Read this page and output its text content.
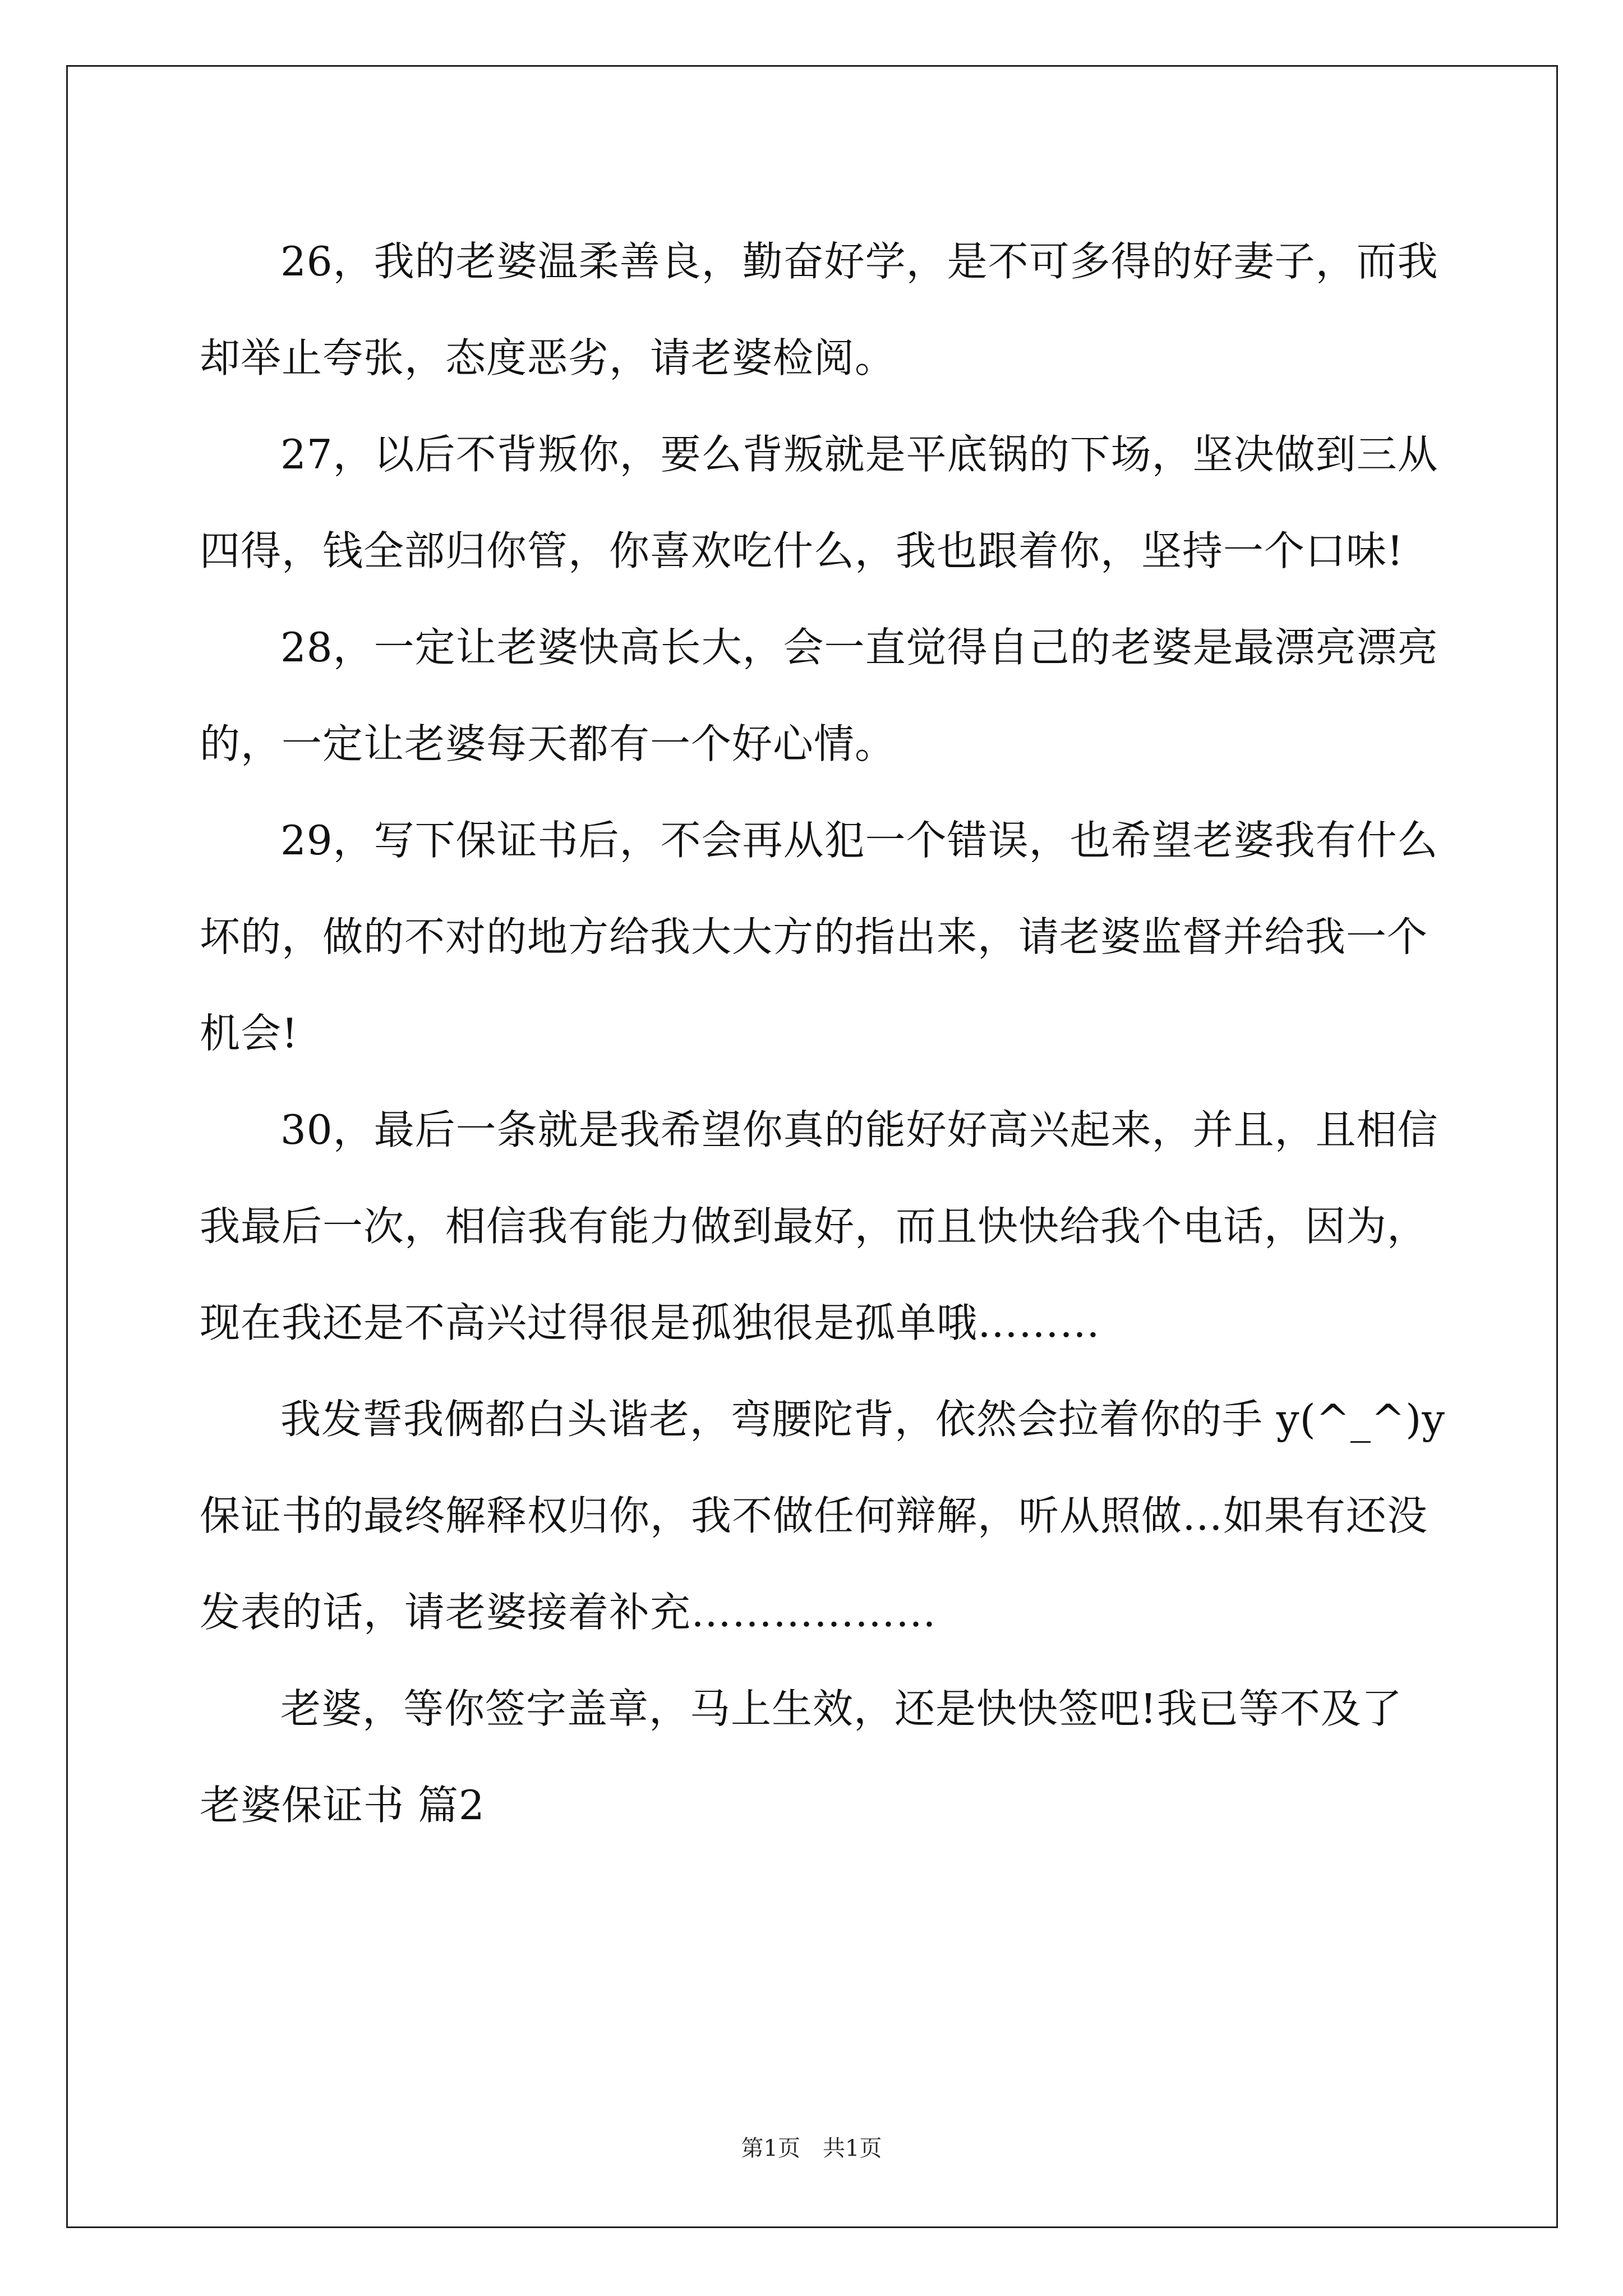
26，我的老婆温柔善良，勤奋好学，是不可多得的好妻子，而我
却举止夸张，态度恶劣，请老婆检阅。
27，以后不背叛你，要么背叛就是平底锅的下场，坚决做到三从
四得，钱全部归你管，你喜欢吃什么，我也跟着你，坚持一个口味!
28，一定让老婆快高长大，会一直觉得自己的老婆是最漂亮漂亮
的，一定让老婆每天都有一个好心情。
29，写下保证书后，不会再从犯一个错误，也希望老婆我有什么
坏的，做的不对的地方给我大大方的指出来，请老婆监督并给我一个
机会!
30，最后一条就是我希望你真的能好好高兴起来，并且，且相信
我最后一次，相信我有能力做到最好，而且快快给我个电话，因为，
现在我还是不高兴过得很是孤独很是孤单哦………
我发誓我俩都白头谐老，弯腰陀背，依然会拉着你的手 y(^_^)y
保证书的最终解释权归你，我不做任何辩解，听从照做…如果有还没
发表的话，请老婆接着补充………………
老婆，等你签字盖章，马上生效，还是快快签吧!我已等不及了
老婆保证书 篇2
第1页　共1页
